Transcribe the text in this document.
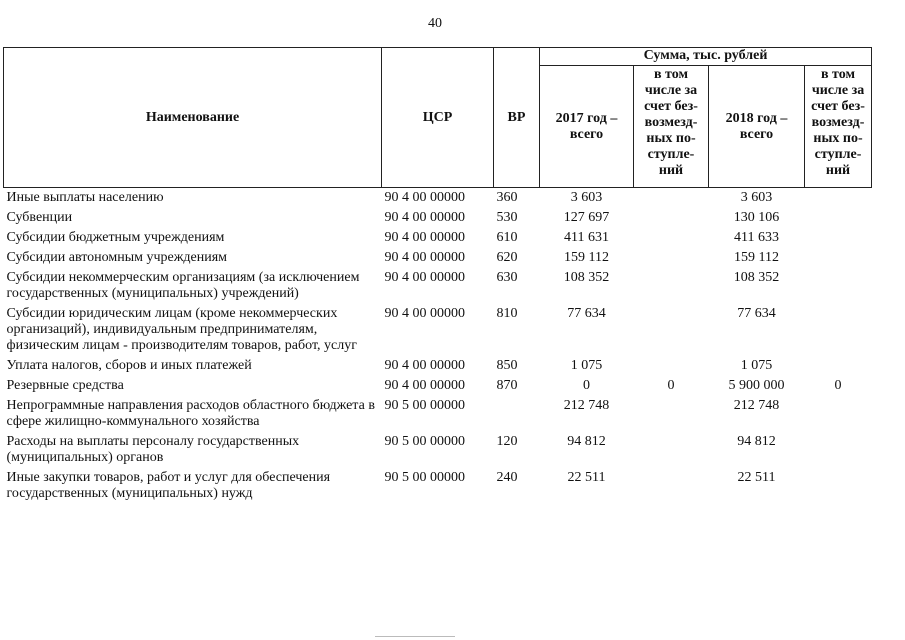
40
Наименование	ЦСР	ВР	Сумма, тыс. рублей			
			2017 год – всего	в том числе за счет без-возмезд-ных по-ступле-ний	2018 год – всего	в том числе за счет без-возмезд-ных по-ступле-ний
Иные выплаты населению	90 4 00 00000	360	3 603		3 603	
Субвенции	90 4 00 00000	530	127 697		130 106	
Субсидии бюджетным учреждениям	90 4 00 00000	610	411 631		411 633	
Субсидии автономным учреждениям	90 4 00 00000	620	159 112		159 112	
Субсидии некоммерческим организациям (за исключением государственных (муниципальных) учреждений)	90 4 00 00000	630	108 352		108 352	
Субсидии юридическим лицам (кроме некоммерческих организаций), индивидуальным предпринимателям, физическим лицам - производителям товаров, работ, услуг	90 4 00 00000	810	77 634		77 634	
Уплата налогов, сборов и иных платежей	90 4 00 00000	850	1 075		1 075	
Резервные средства	90 4 00 00000	870	0	0	5 900 000	0
Непрограммные направления расходов областного бюджета в сфере жилищно-коммунального хозяйства	90 5 00 00000		212 748		212 748	
Расходы на выплаты персоналу государственных (муниципальных) органов	90 5 00 00000	120	94 812		94 812	
Иные закупки товаров, работ и услуг для обеспечения государственных (муниципальных) нужд	90 5 00 00000	240	22 511		22 511	
